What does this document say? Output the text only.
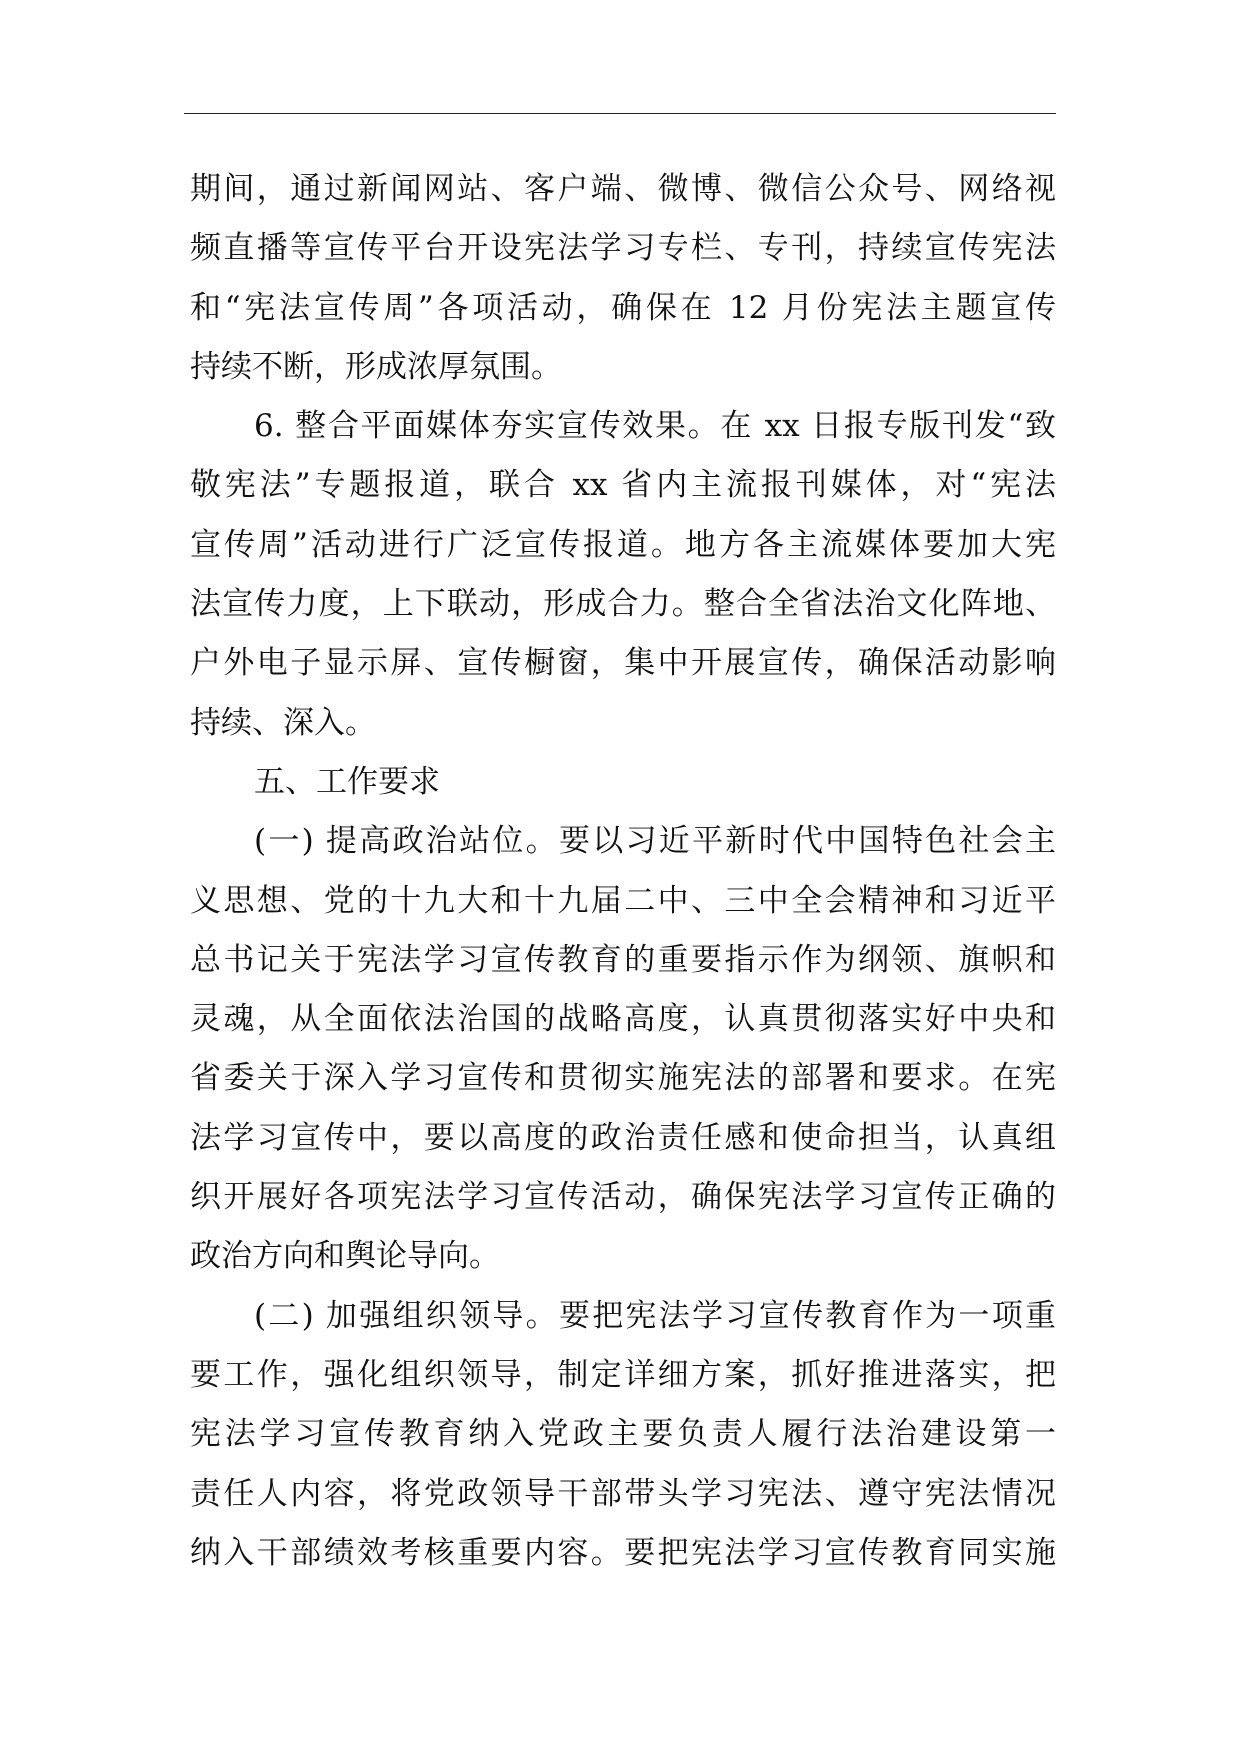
期间，通过新闻网站、客户端、微博、微信公众号、网络视
频直播等宣传平台开设宪法学习专栏、专刊，持续宣传宪法
和“宪法宣传周”各项活动，确保在 12 月份宪法主题宣传
持续不断，形成浓厚氛围。
6. 整合平面媒体夯实宣传效果。在 xx 日报专版刊发“致
敬宪法”专题报道，联合 xx 省内主流报刊媒体，对“宪法
宣传周”活动进行广泛宣传报道。地方各主流媒体要加大宪
法宣传力度，上下联动，形成合力。整合全省法治文化阵地、
户外电子显示屏、宣传橱窗，集中开展宣传，确保活动影响
持续、深入。
五、工作要求
(一) 提高政治站位。要以习近平新时代中国特色社会主
义思想、党的十九大和十九届二中、三中全会精神和习近平
总书记关于宪法学习宣传教育的重要指示作为纲领、旗帜和
灵魂，从全面依法治国的战略高度，认真贯彻落实好中央和
省委关于深入学习宣传和贯彻实施宪法的部署和要求。在宪
法学习宣传中，要以高度的政治责任感和使命担当，认真组
织开展好各项宪法学习宣传活动，确保宪法学习宣传正确的
政治方向和舆论导向。
(二) 加强组织领导。要把宪法学习宣传教育作为一项重
要工作，强化组织领导，制定详细方案，抓好推进落实，把
宪法学习宣传教育纳入党政主要负责人履行法治建设第一
责任人内容，将党政领导干部带头学习宪法、遵守宪法情况
纳入干部绩效考核重要内容。要把宪法学习宣传教育同实施
